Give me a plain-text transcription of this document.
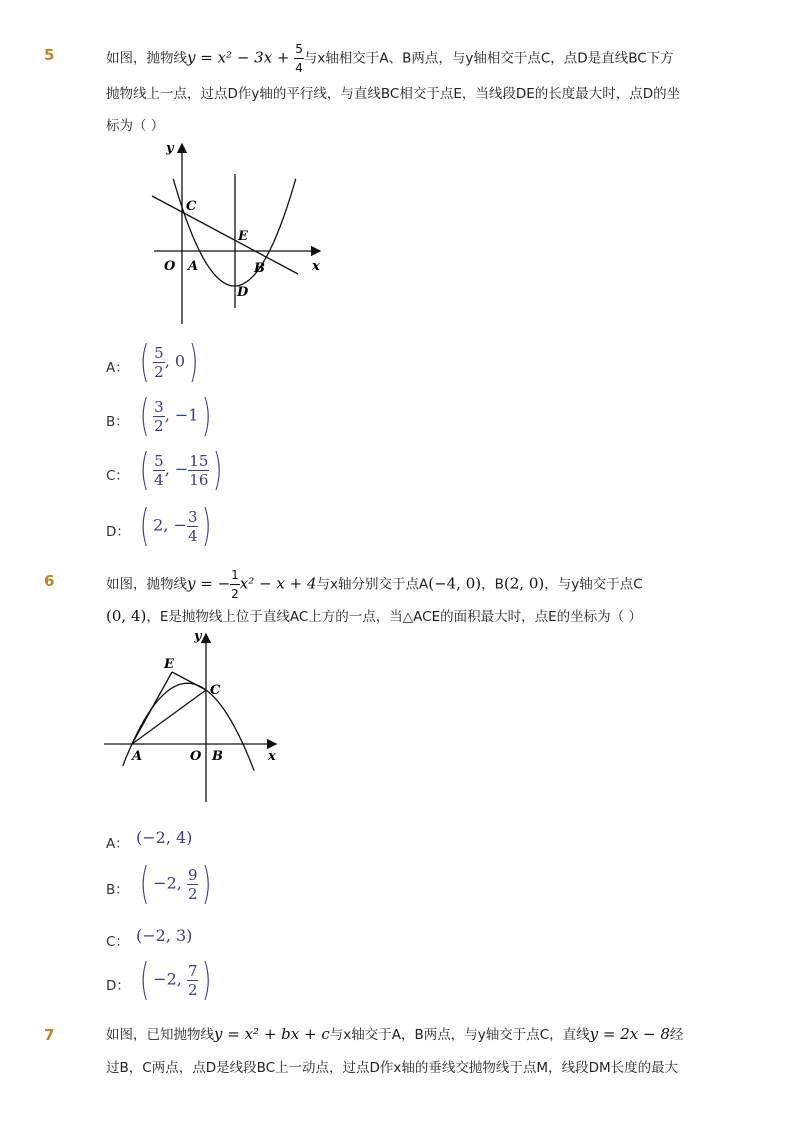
5	如图，抛物线$y = x^2 - 3x + \frac{5}{4}$ 与x轴相交于A、B两点，与y轴相交于点C，点D是直线BC下方
抛物线上一点，过点D作y轴的平行线，与直线BC相交于点E，当线段DE的长度最大时，点D的坐
标为（ ）
y
x
O A	B
C
D
E
A： ( $\frac{5}{2}$ , 0)
B： ( $\frac{3}{2}$ , −1)
C： ( $\frac{5}{4}$ , − $\frac{15}{16}$ )
D： ( 2, − $\frac{3}{4}$ )
6	如图，抛物线y = − $\frac{1}{2} x^2 - x + 4$与x轴分别交于点A(−4, 0)，B(2, 0)，与y轴交于点C
(0, 4)，E是抛物线上位于直线AC上方的一点，当△ACE的面积最大时，点E的坐标为（ ）
y
x
O
A	B
C
E
A： (−2, 4)
B： ( −2, $\frac{9}{2}$ )
C： (−2, 3)
D： ( −2, $\frac{7}{2}$ )
7	如图，已知抛物线y = x² + bx + c与x轴交于A，B两点，与y轴交于点C，直线y = 2x − 8经
过B，C两点，点D是线段BC上一动点，过点D作x轴的垂线交抛物线于点M，线段DM长度的最大
